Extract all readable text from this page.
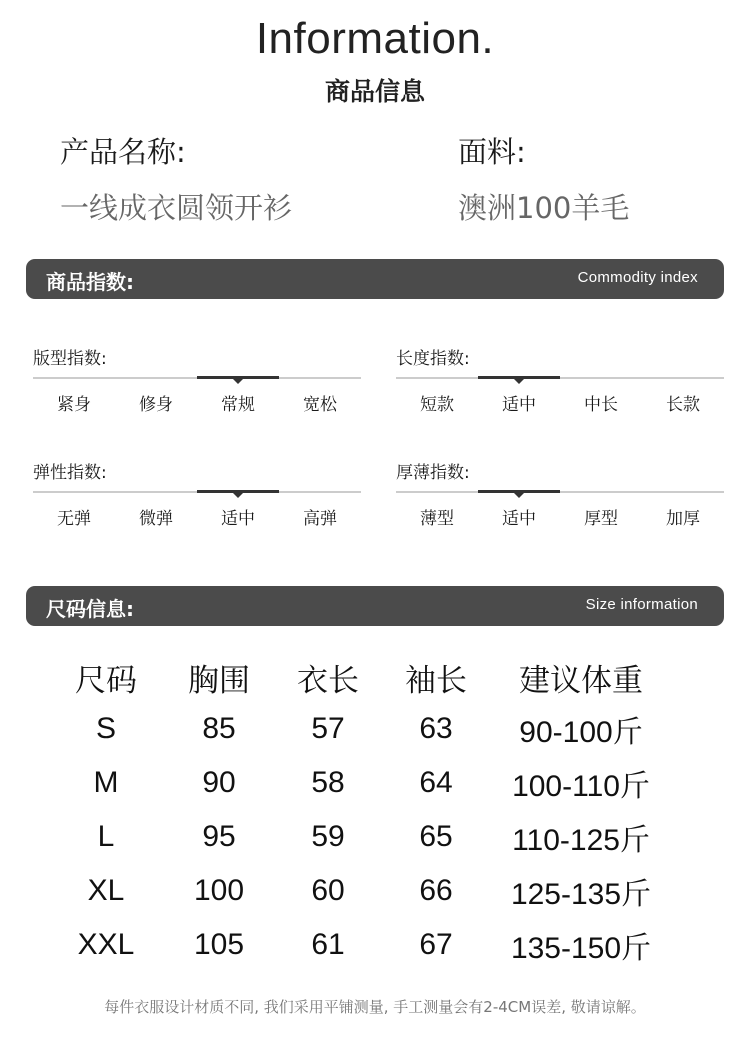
Information.
商品信息
产品名称:
一线成衣圆领开衫
面料:
澳洲100羊毛
商品指数:	Commodity index
版型指数:
紧身	修身	常规	宽松
长度指数:
短款	适中	中长	长款
弹性指数:
无弹	微弹	适中	高弹
厚薄指数:
薄型	适中	厚型	加厚
尺码信息:	Size information
尺码	胸围	衣长	袖长	建议体重
S	85	57	63	90-100斤
M	90	58	64	100-110斤
L	95	59	65	110-125斤
XL	100	60	66	125-135斤
XXL	105	61	67	135-150斤
每件衣服设计材质不同, 我们采用平铺测量, 手工测量会有2-4CM误差, 敬请谅解。
